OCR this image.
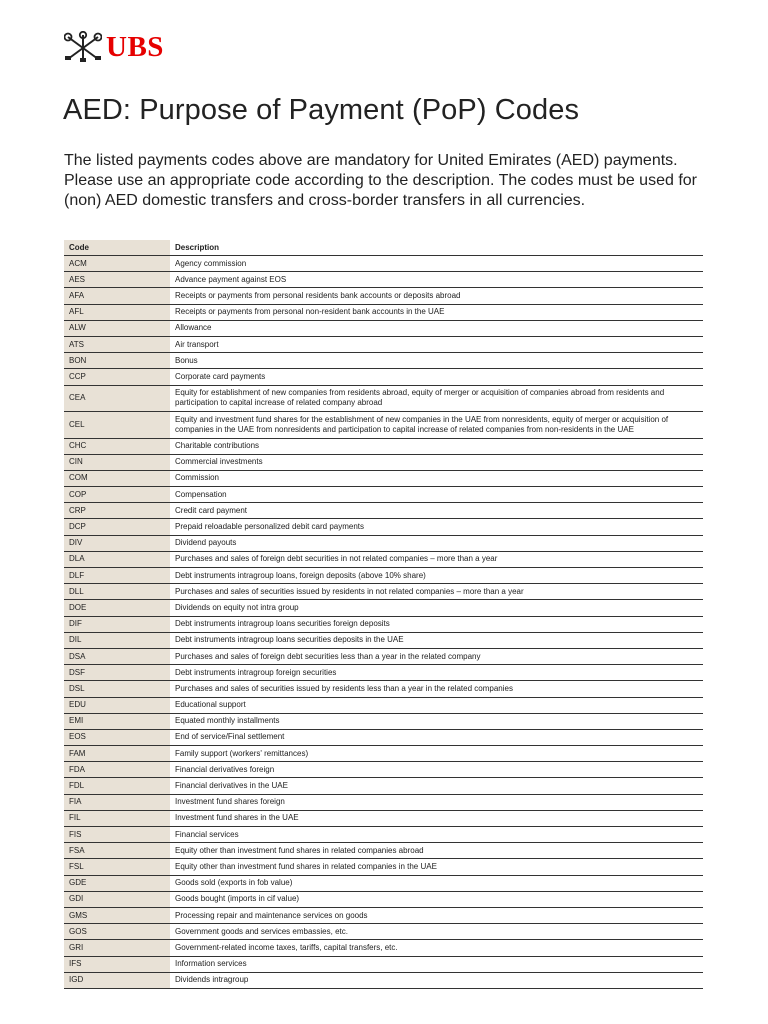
UBS
AED: Purpose of Payment (PoP) Codes

The listed payments codes above are mandatory for United Emirates (AED) payments. Please use an appropriate code according to the description. The codes must be used for (non) AED domestic transfers and cross-border transfers in all currencies.

Code	Description
ACM	Agency commission
AES	Advance payment against EOS
AFA	Receipts or payments from personal residents bank accounts or deposits abroad
AFL	Receipts or payments from personal non-resident bank accounts in the UAE
ALW	Allowance
ATS	Air transport
BON	Bonus
CCP	Corporate card payments
CEA	Equity for establishment of new companies from residents abroad, equity of merger or acquisition of companies abroad from residents and participation to capital increase of related company abroad
CEL	Equity and investment fund shares for the establishment of new companies in the UAE from nonresidents, equity of merger or acquisition of companies in the UAE from nonresidents and participation to capital increase of related companies from non-residents in the UAE
CHC	Charitable contributions
CIN	Commercial investments
COM	Commission
COP	Compensation
CRP	Credit card payment
DCP	Prepaid reloadable personalized debit card payments
DIV	Dividend payouts
DLA	Purchases and sales of foreign debt securities in not related companies – more than a year
DLF	Debt instruments intragroup loans, foreign deposits (above 10% share)
DLL	Purchases and sales of securities issued by residents in not related companies – more than a year
DOE	Dividends on equity not intra group
DIF	Debt instruments intragroup loans securities foreign deposits
DIL	Debt instruments intragroup loans securities deposits in the UAE
DSA	Purchases and sales of foreign debt securities less than a year in the related company
DSF	Debt instruments intragroup foreign securities
DSL	Purchases and sales of securities issued by residents less than a year in the related companies
EDU	Educational support
EMI	Equated monthly installments
EOS	End of service/Final settlement
FAM	Family support (workers' remittances)
FDA	Financial derivatives foreign
FDL	Financial derivatives in the UAE
FIA	Investment fund shares foreign
FIL	Investment fund shares in the UAE
FIS	Financial services
FSA	Equity other than investment fund shares in related companies abroad
FSL	Equity other than investment fund shares in related companies in the UAE
GDE	Goods sold (exports in fob value)
GDI	Goods bought (imports in cif value)
GMS	Processing repair and maintenance services on goods
GOS	Government goods and services embassies, etc.
GRI	Government-related income taxes, tariffs, capital transfers, etc.
IFS	Information services
IGD	Dividends intragroup
